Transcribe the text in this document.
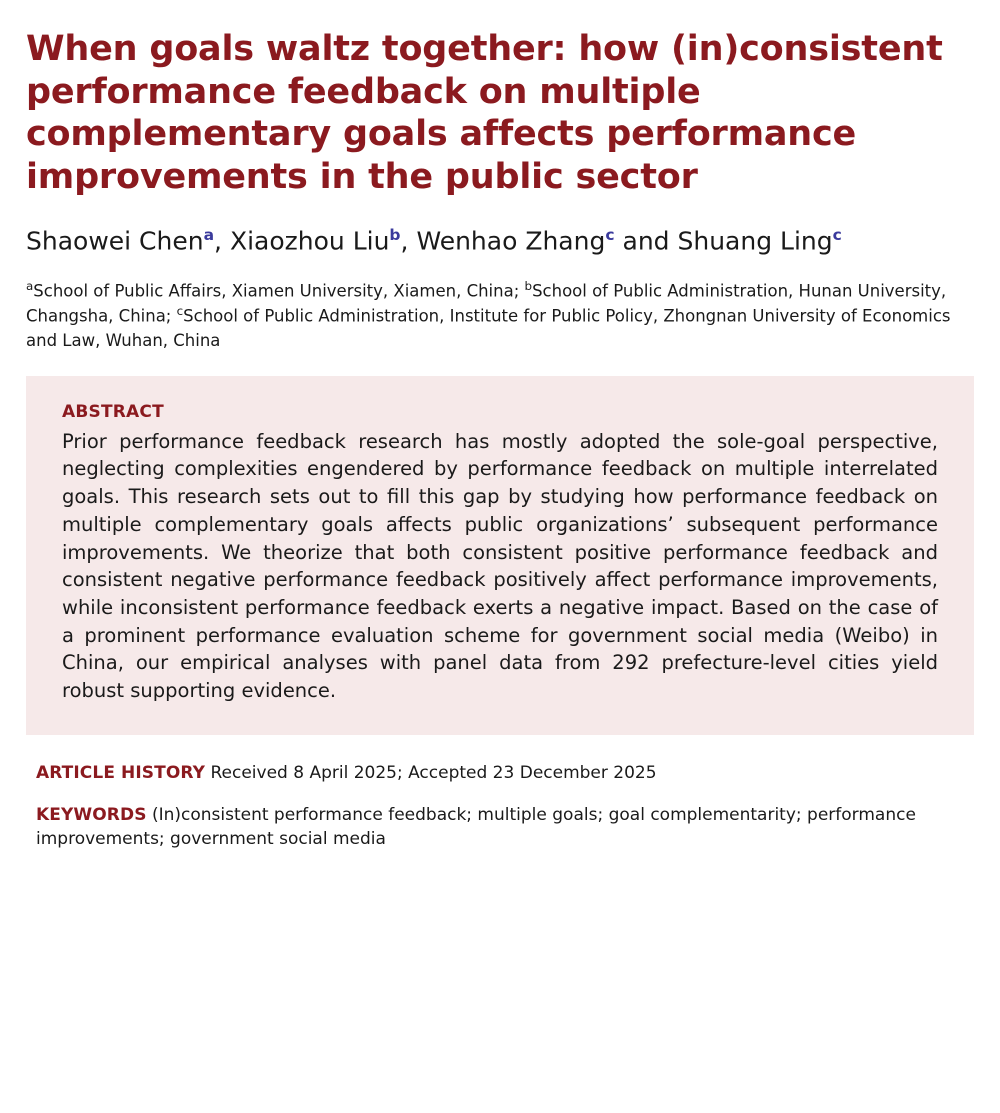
When goals waltz together: how (in)consistent performance feedback on multiple complementary goals affects performance improvements in the public sector
Shaowei Chen$^a$, Xiaozhou Liu$^b$, Wenhao Zhang$^c$ and Shuang Ling$^c$
$^a$School of Public Affairs, Xiamen University, Xiamen, China; $^b$School of Public Administration, Hunan University, Changsha, China; $^c$School of Public Administration, Institute for Public Policy, Zhongnan University of Economics and Law, Wuhan, China
ABSTRACT

Prior performance feedback research has mostly adopted the sole-goal perspective, neglecting complexities engendered by performance feedback on multiple interrelated goals. This research sets out to fill this gap by studying how performance feedback on multiple complementary goals affects public organizations’ subsequent performance improvements. We theorize that both consistent positive performance feedback and consistent negative performance feedback positively affect performance improvements, while inconsistent performance feedback exerts a negative impact. Based on the case of a prominent performance evaluation scheme for government social media (Weibo) in China, our empirical analyses with panel data from 292 prefecture-level cities yield robust supporting evidence.

ARTICLE HISTORY Received 8 April 2025; Accepted 23 December 2025
KEYWORDS (In)consistent performance feedback; multiple goals; goal complementarity; performance improvements; government social media
